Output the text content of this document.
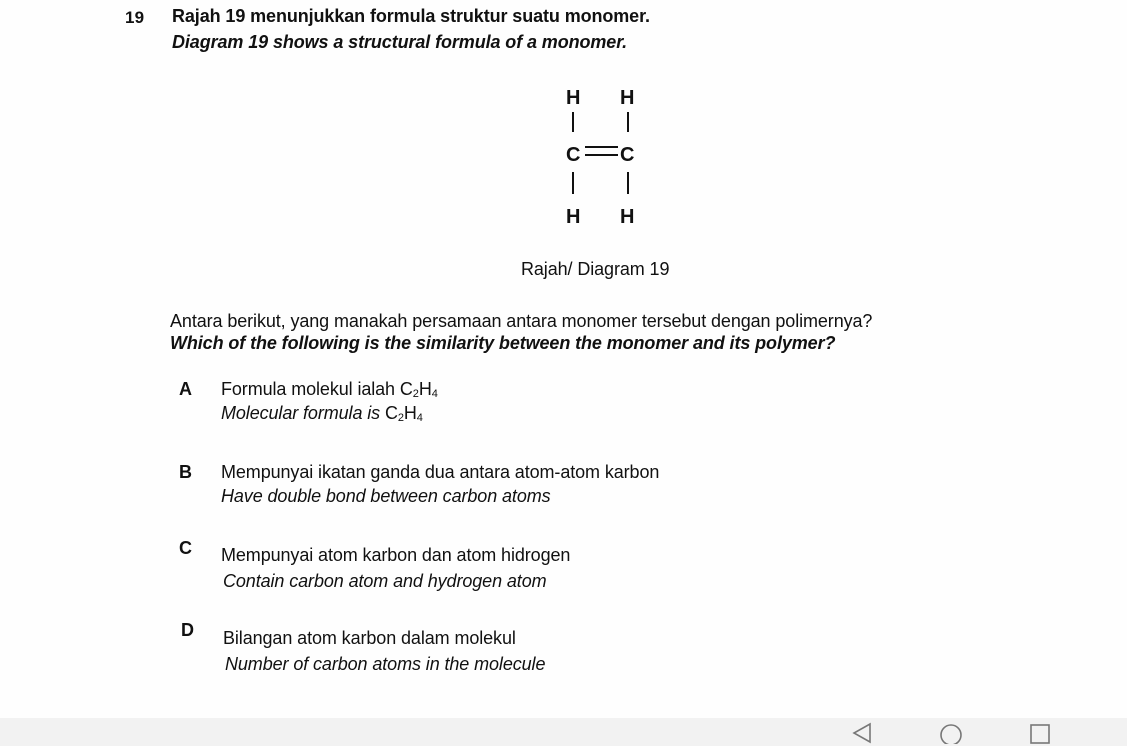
19 Rajah 19 menunjukkan formula struktur suatu monomer.
Diagram 19 shows a structural formula of a monomer.
H H
C C
H H
Rajah/ Diagram 19
Antara berikut, yang manakah persamaan antara monomer tersebut dengan polimernya?
Which of the following is the similarity between the monomer and its polymer?
A Formula molekul ialah $C_2H_4$
Molecular formula is $C_2H_4$
B Mempunyai ikatan ganda dua antara atom-atom karbon
Have double bond between carbon atoms
C Mempunyai atom karbon dan atom hidrogen
Contain carbon atom and hydrogen atom
D Bilangan atom karbon dalam molekul
Number of carbon atoms in the molecule
